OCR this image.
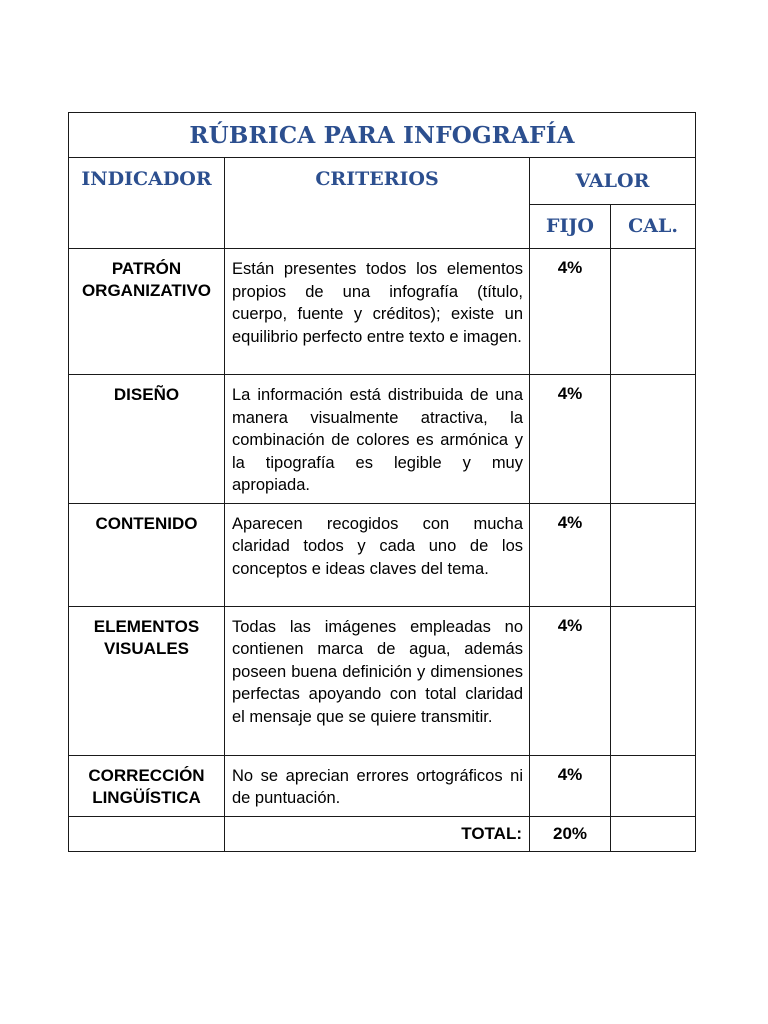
RÚBRICA PARA INFOGRAFÍA			
INDICADOR	CRITERIOS	VALOR	
		FIJO	CAL.
PATRÓN ORGANIZATIVO	Están presentes todos los elementos propios de una infografía (título, cuerpo, fuente y créditos); existe un equilibrio perfecto entre texto e imagen.	4%	
DISEÑO	La información está distribuida de una manera visualmente atractiva, la combinación de colores es armónica y la tipografía es legible y muy apropiada.	4%	
CONTENIDO	Aparecen recogidos con mucha claridad todos y cada uno de los conceptos e ideas claves del tema.	4%	
ELEMENTOS VISUALES	Todas las imágenes empleadas no contienen marca de agua, además poseen buena definición y dimensiones perfectas apoyando con total claridad el mensaje que se quiere transmitir.	4%	
CORRECCIÓN LINGÜÍSTICA	No se aprecian errores ortográficos ni de puntuación.	4%	
	TOTAL:	20%	
